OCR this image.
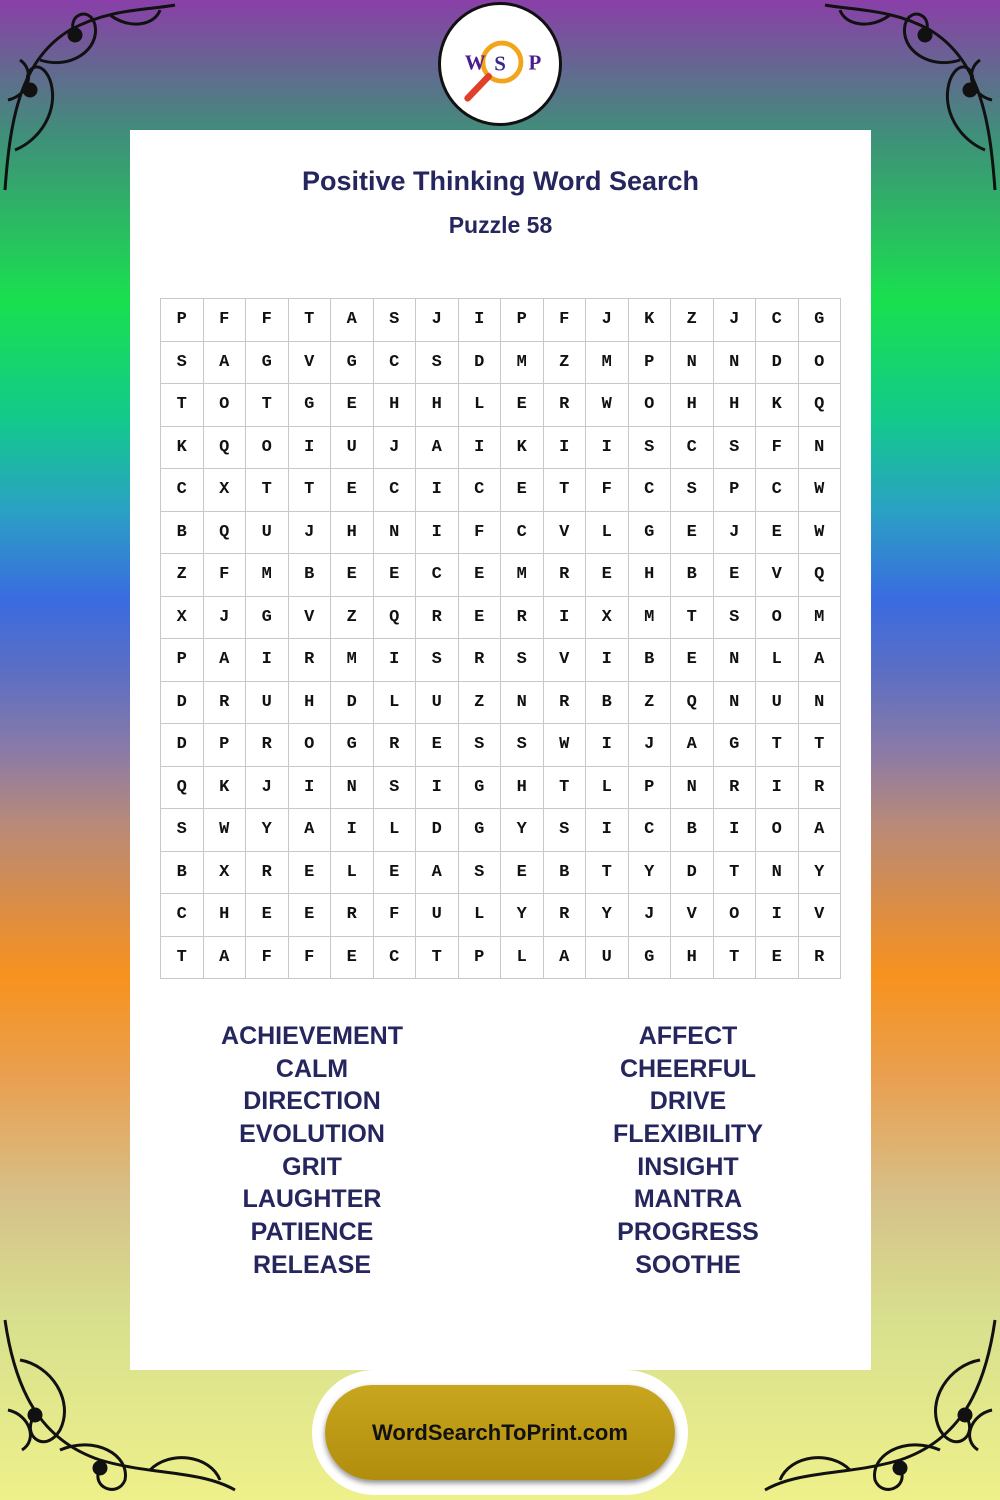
W S P
Positive Thinking Word Search
Puzzle 58
P	F	F	T	A	S	J	I	P	F	J	K	Z	J	C	G
S	A	G	V	G	C	S	D	M	Z	M	P	N	N	D	O
T	O	T	G	E	H	H	L	E	R	W	O	H	H	K	Q
K	Q	O	I	U	J	A	I	K	I	I	S	C	S	F	N
C	X	T	T	E	C	I	C	E	T	F	C	S	P	C	W
B	Q	U	J	H	N	I	F	C	V	L	G	E	J	E	W
Z	F	M	B	E	E	C	E	M	R	E	H	B	E	V	Q
X	J	G	V	Z	Q	R	E	R	I	X	M	T	S	O	M
P	A	I	R	M	I	S	R	S	V	I	B	E	N	L	A
D	R	U	H	D	L	U	Z	N	R	B	Z	Q	N	U	N
D	P	R	O	G	R	E	S	S	W	I	J	A	G	T	T
Q	K	J	I	N	S	I	G	H	T	L	P	N	R	I	R
S	W	Y	A	I	L	D	G	Y	S	I	C	B	I	O	A
B	X	R	E	L	E	A	S	E	B	T	Y	D	T	N	Y
C	H	E	E	R	F	U	L	Y	R	Y	J	V	O	I	V
T	A	F	F	E	C	T	P	L	A	U	G	H	T	E	R
ACHIEVEMENT
CALM
DIRECTION
EVOLUTION
GRIT
LAUGHTER
PATIENCE
RELEASE
AFFECT
CHEERFUL
DRIVE
FLEXIBILITY
INSIGHT
MANTRA
PROGRESS
SOOTHE
WordSearchToPrint.com
